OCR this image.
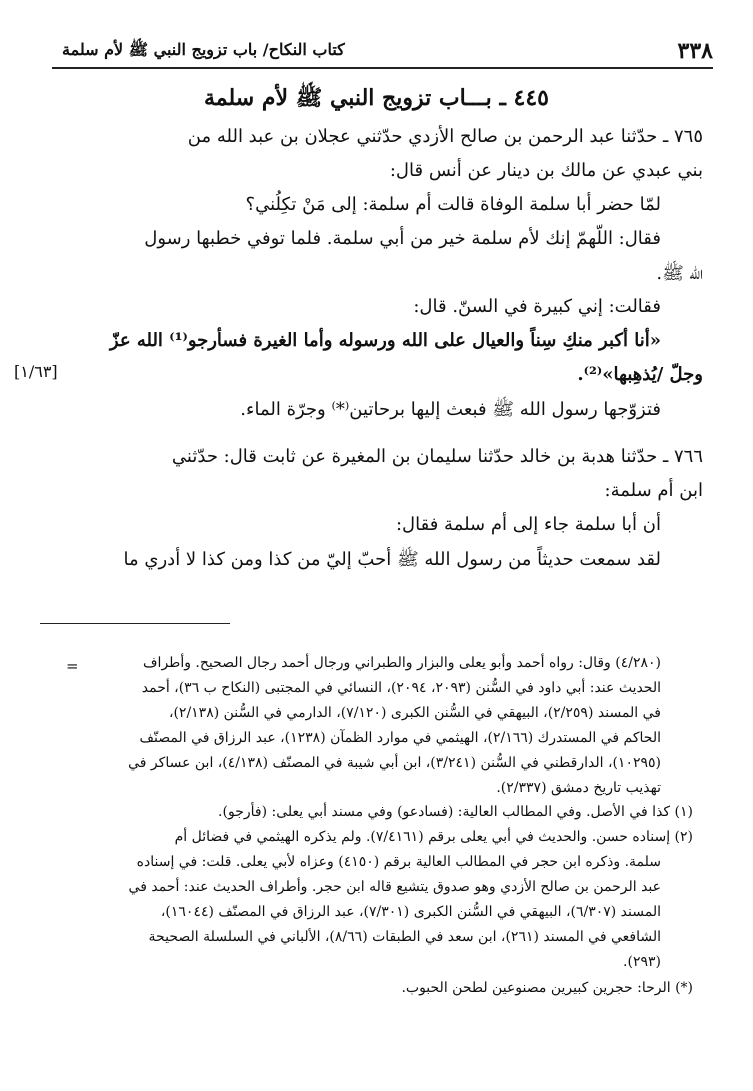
٣٣٨
كتاب النكاح/ باب تزويج النبي ﷺ لأم سلمة
٤٤٥ ـ بـــاب تزويج النبي ﷺ لأم سلمة
٧٦٥ ـ حدّثنا عبد الرحمن بن صالح الأزدي حدّثني عجلان بن عبد الله من
بني عبدي عن مالك بن دينار عن أنس قال:
لمّا حضر أبا سلمة الوفاة قالت أم سلمة: إلى مَنْ تكِلُني؟
فقال: اللّهمّ إنك لأم سلمة خير من أبي سلمة. فلما توفي خطبها رسول
الله ﷺ.
فقالت: إني كبيرة في السنّ. قال:
«أنا أكبر منكِ سِناً والعيال على الله ورسوله وأما الغيرة فسأرجو⁽¹⁾ الله عزّ
وجلّ /يُذهِبها»⁽²⁾.
فتزوّجها رسول الله ﷺ فبعث إليها برحاتين⁽*⁾ وجرّة الماء.
٧٦٦ ـ حدّثنا هدبة بن خالد حدّثنا سليمان بن المغيرة عن ثابت قال: حدّثني
ابن أم سلمة:
أن أبا سلمة جاء إلى أم سلمة فقال:
لقد سمعت حديثاً من رسول الله ﷺ أحبّ إليّ من كذا ومن كذا لا أدري ما
[١/٦٣]
=	(٤/٢٨٠) وقال: رواه أحمد وأبو يعلى والبزار والطبراني ورجال أحمد رجال الصحيح. وأطراف
الحديث عند: أبي داود في السُّنن (٢٠٩٣، ٢٠٩٤)، النسائي في المجتبى (النكاح ب ٣٦)، أحمد
في المسند (٢/٢٥٩)، البيهقي في السُّنن الكبرى (٧/١٢٠)، الدارمي في السُّنن (٢/١٣٨)،
الحاكم في المستدرك (٢/١٦٦)، الهيثمي في موارد الظمآن (١٢٣٨)، عبد الرزاق في المصنّف
(١٠٢٩٥)، الدارقطني في السُّنن (٣/٢٤١)، ابن أبي شيبة في المصنّف (٤/١٣٨)، ابن عساكر في
تهذيب تاريخ دمشق (٢/٣٣٧).
(١) كذا في الأصل. وفي المطالب العالية: (فسادعو) وفي مسند أبي يعلى: (فأرجو).
(٢) إسناده حسن. والحديث في أبي يعلى برقم (٧/٤١٦١). ولم يذكره الهيثمي في فضائل أم
سلمة. وذكره ابن حجر في المطالب العالية برقم (٤١٥٠) وعزاه لأبي يعلى. قلت: في إسناده
عبد الرحمن بن صالح الأزدي وهو صدوق يتشيع قاله ابن حجر. وأطراف الحديث عند: أحمد في
المسند (٦/٣٠٧)، البيهقي في السُّنن الكبرى (٧/٣٠١)، عبد الرزاق في المصنّف (١٦٠٤٤)،
الشافعي في المسند (٢٦١)، ابن سعد في الطبقات (٨/٦٦)، الألباني في السلسلة الصحيحة
(٢٩٣).
(*) الرحا: حجرين كبيرين مصنوعين لطحن الحبوب.
